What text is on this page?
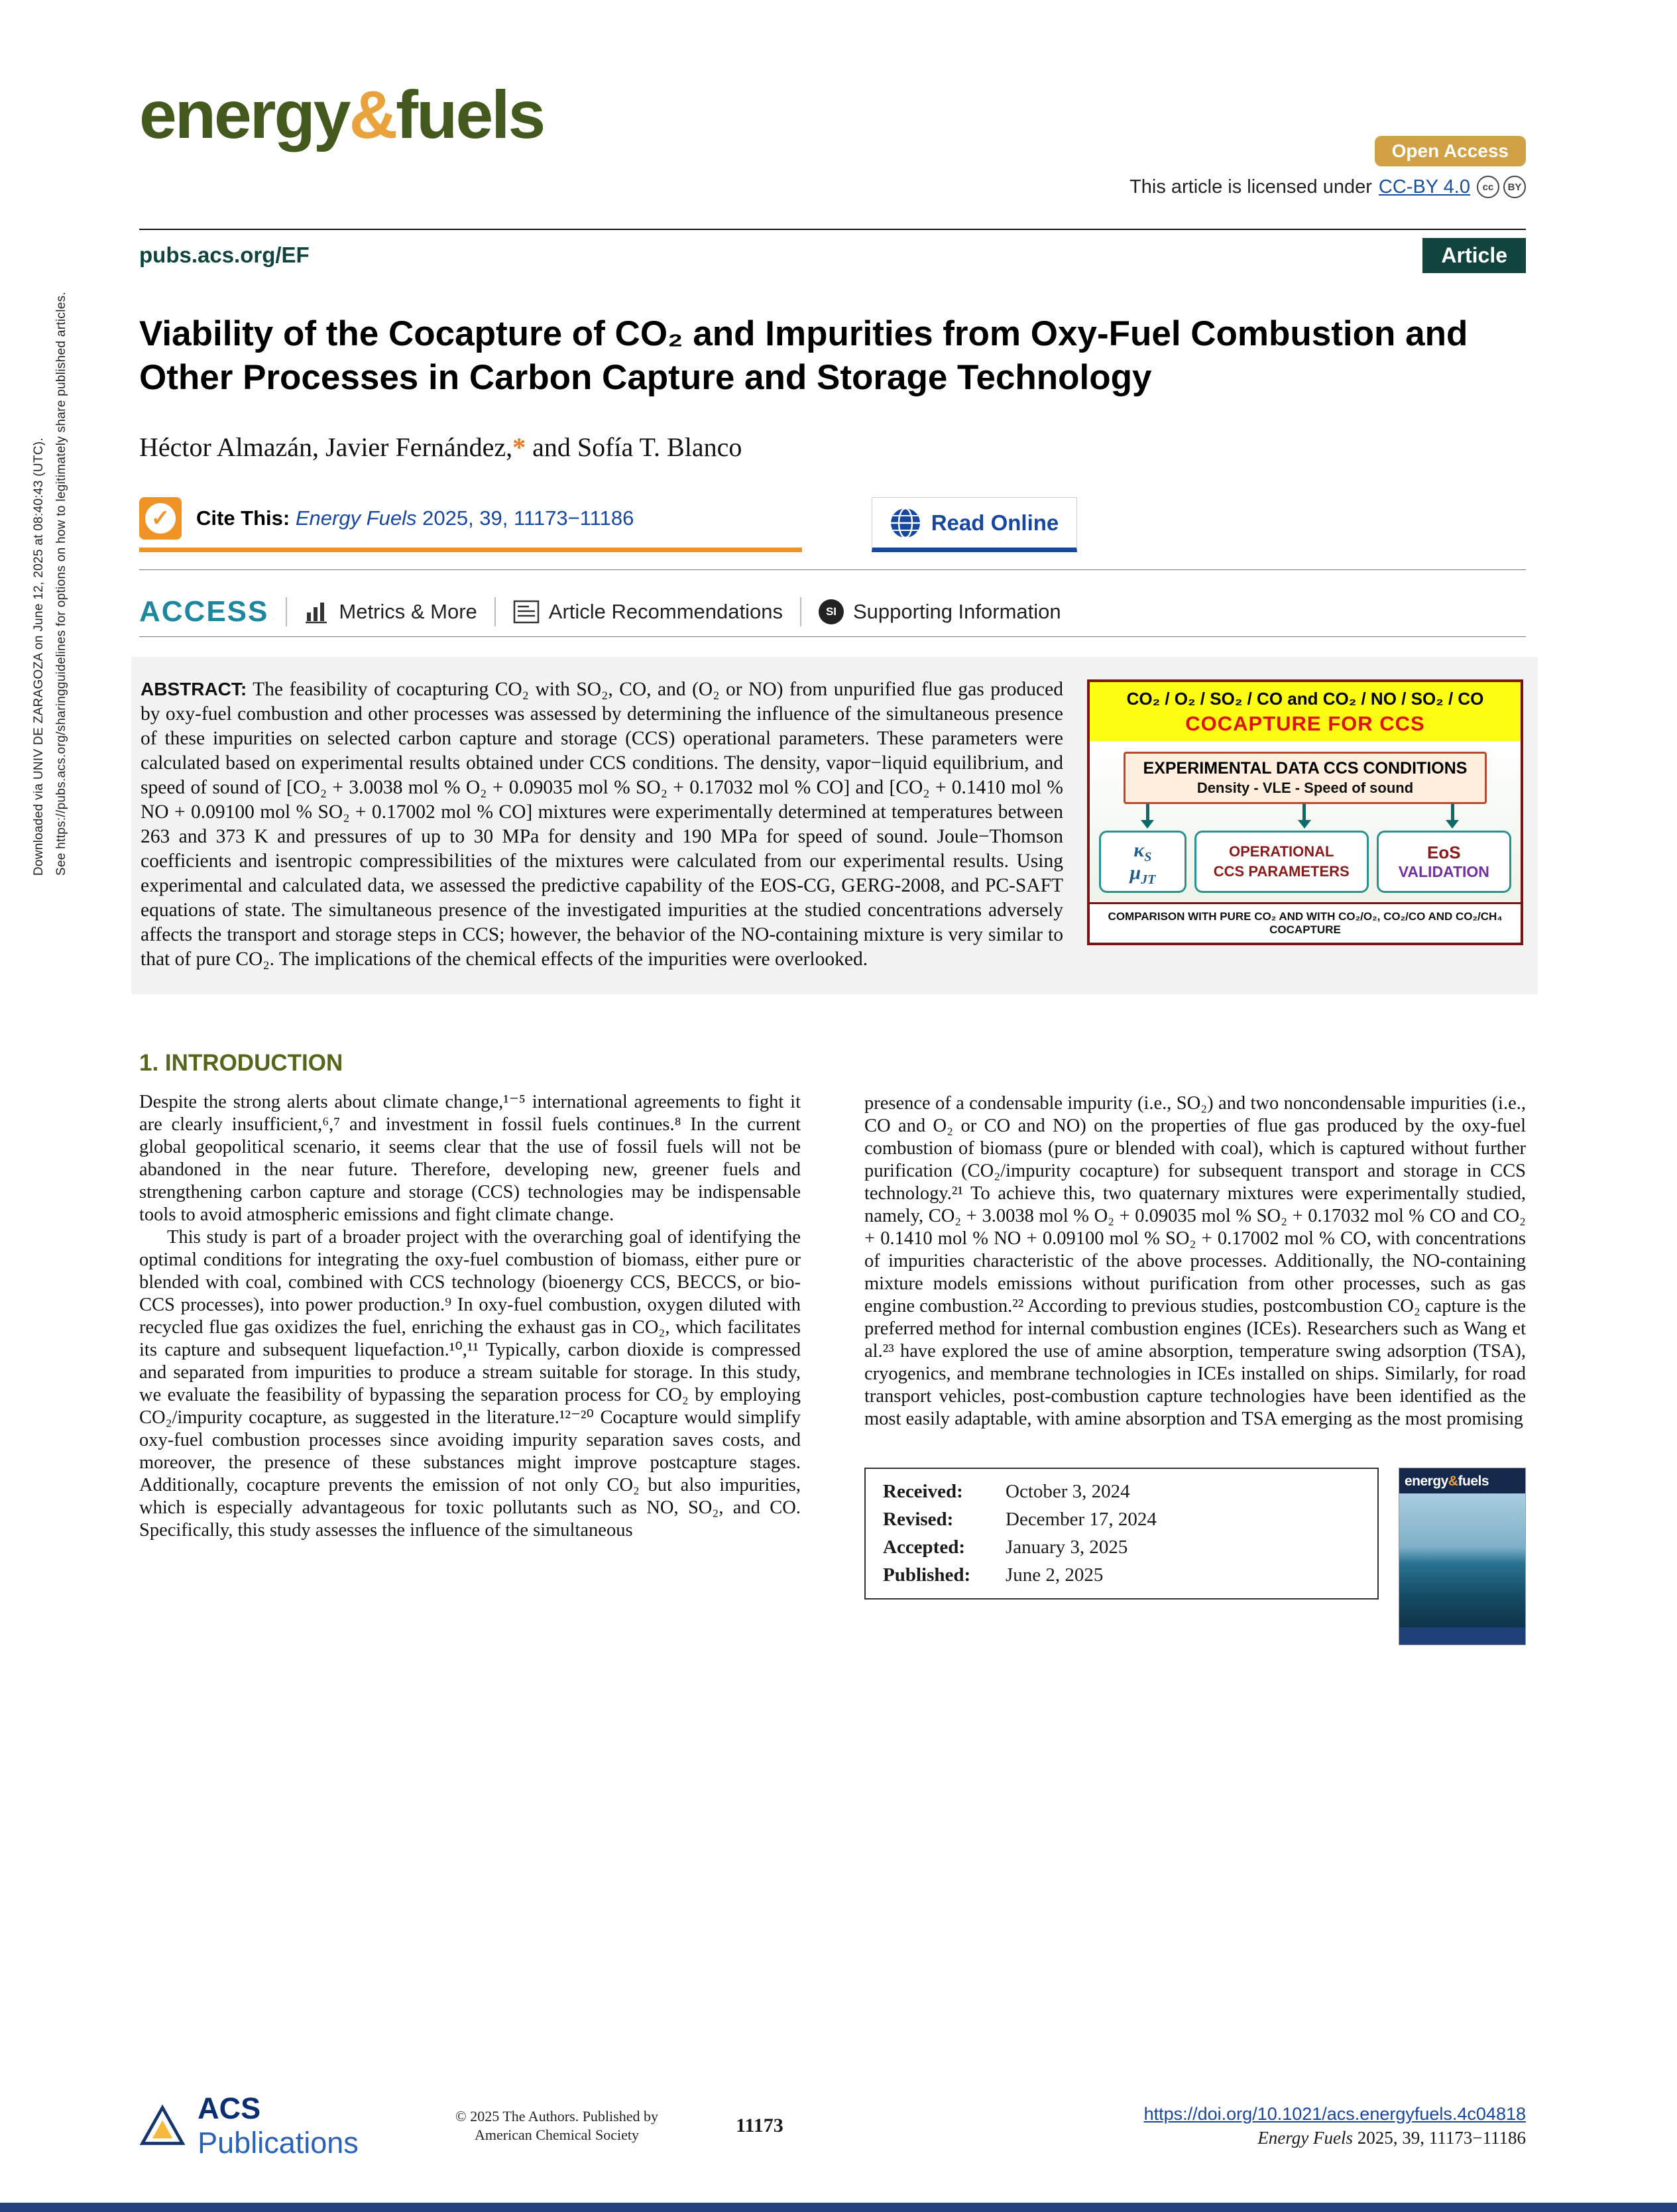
Downloaded via UNIV DE ZARAGOZA on June 12, 2025 at 08:40:43 (UTC). See https://pubs.acs.org/sharingguidelines for options on how to legitimately share published articles.
energy&fuels	Open Access
This article is licensed under CC-BY 4.0	cc	BY
pubs.acs.org/EF	Article
Viability of the Cocapture of CO₂ and Impurities from Oxy-Fuel Combustion and Other Processes in Carbon Capture and Storage Technology
Héctor Almazán, Javier Fernández,* and Sofía T. Blanco
✓ Cite This: Energy Fuels 2025, 39, 11173−11186	Read Online
ACCESS	Metrics & More	Article Recommendations	SI Supporting Information
CO₂ / O₂ / SO₂ / CO and CO₂ / NO / SO₂ / CO
COCAPTURE FOR CCS
EXPERIMENTAL DATA CCS CONDITIONS
Density - VLE - Speed of sound
$\kappa_S$
$\mu_{JT}$
OPERATIONAL
CCS PARAMETERS
EoS
VALIDATION
COMPARISON WITH PURE CO₂ AND WITH CO₂/O₂, CO₂/CO AND CO₂/CH₄ COCAPTURE

ABSTRACT: The feasibility of cocapturing CO₂ with SO₂, CO, and (O₂ or NO) from unpurified flue gas produced by oxy-fuel combustion and other processes was assessed by determining the influence of the simultaneous presence of these impurities on selected carbon capture and storage (CCS) operational parameters. These parameters were calculated based on experimental results obtained under CCS conditions. The density, vapor−liquid equilibrium, and speed of sound of [CO₂ + 3.0038 mol % O₂ + 0.09035 mol % SO₂ + 0.17032 mol % CO] and [CO₂ + 0.1410 mol % NO + 0.09100 mol % SO₂ + 0.17002 mol % CO] mixtures were experimentally determined at temperatures between 263 and 373 K and pressures of up to 30 MPa for density and 190 MPa for speed of sound. Joule−Thomson coefficients and isentropic compressibilities of the mixtures were calculated from our experimental results. Using experimental and calculated data, we assessed the predictive capability of the EOS-CG, GERG-2008, and PC-SAFT equations of state. The simultaneous presence of the investigated impurities at the studied concentrations adversely affects the transport and storage steps in CCS; however, the behavior of the NO-containing mixture is very similar to that of pure CO₂. The implications of the chemical effects of the impurities were overlooked.

1. INTRODUCTION

Despite the strong alerts about climate change,¹⁻⁵ international agreements to fight it are clearly insufficient,⁶,⁷ and investment in fossil fuels continues.⁸ In the current global geopolitical scenario, it seems clear that the use of fossil fuels will not be abandoned in the near future. Therefore, developing new, greener fuels and strengthening carbon capture and storage (CCS) technologies may be indispensable tools to avoid atmospheric emissions and fight climate change.

This study is part of a broader project with the overarching goal of identifying the optimal conditions for integrating the oxy-fuel combustion of biomass, either pure or blended with coal, combined with CCS technology (bioenergy CCS, BECCS, or bio-CCS processes), into power production.⁹ In oxy-fuel combustion, oxygen diluted with recycled flue gas oxidizes the fuel, enriching the exhaust gas in CO₂, which facilitates its capture and subsequent liquefaction.¹⁰,¹¹ Typically, carbon dioxide is compressed and separated from impurities to produce a stream suitable for storage. In this study, we evaluate the feasibility of bypassing the separation process for CO₂ by employing CO₂/impurity cocapture, as suggested in the literature.¹²⁻²⁰ Cocapture would simplify oxy-fuel combustion processes since avoiding impurity separation saves costs, and moreover, the presence of these substances might improve postcapture stages. Additionally, cocapture prevents the emission of not only CO₂ but also impurities, which is especially advantageous for toxic pollutants such as NO, SO₂, and CO. Specifically, this study assesses the influence of the simultaneous

presence of a condensable impurity (i.e., SO₂) and two noncondensable impurities (i.e., CO and O₂ or CO and NO) on the properties of flue gas produced by the oxy-fuel combustion of biomass (pure or blended with coal), which is captured without further purification (CO₂/impurity cocapture) for subsequent transport and storage in CCS technology.²¹ To achieve this, two quaternary mixtures were experimentally studied, namely, CO₂ + 3.0038 mol % O₂ + 0.09035 mol % SO₂ + 0.17032 mol % CO and CO₂ + 0.1410 mol % NO + 0.09100 mol % SO₂ + 0.17002 mol % CO, with concentrations of impurities characteristic of the above processes. Additionally, the NO-containing mixture models emissions without purification from other processes, such as gas engine combustion.²² According to previous studies, postcombustion CO₂ capture is the preferred method for internal combustion engines (ICEs). Researchers such as Wang et al.²³ have explored the use of amine absorption, temperature swing adsorption (TSA), cryogenics, and membrane technologies in ICEs installed on ships. Similarly, for road transport vehicles, post-combustion capture technologies have been identified as the most easily adaptable, with amine absorption and TSA emerging as the most promising

Received:	October 3, 2024
Revised:	December 17, 2024
Accepted:	January 3, 2025
Published:	June 2, 2025
energy&fuels
ACS Publications
© 2025 The Authors. Published by
American Chemical Society	11173
https://doi.org/10.1021/acs.energyfuels.4c04818
Energy Fuels 2025, 39, 11173−11186
